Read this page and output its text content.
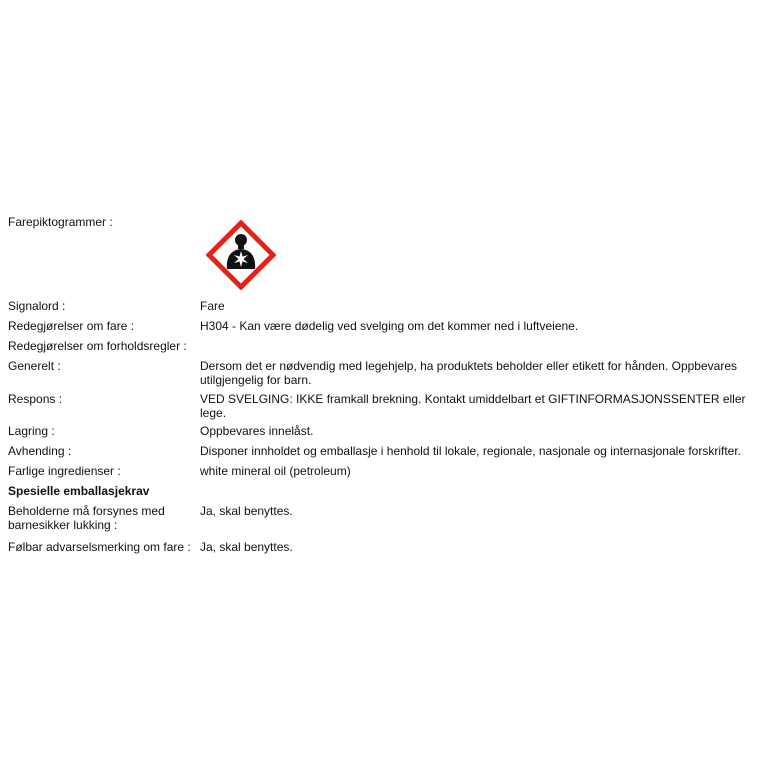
Farepiktogrammer :
Signalord :	Fare
Redegjørelser om fare :	H304 - Kan være dødelig ved svelging om det kommer ned i luftveiene.
Redegjørelser om forholdsregler :
Generelt :	Dersom det er nødvendig med legehjelp, ha produktets beholder eller etikett for hånden. Oppbevares utilgjengelig for barn.
Respons :	VED SVELGING: IKKE framkall brekning. Kontakt umiddelbart et GIFTINFORMASJONSSENTER eller lege.
Lagring :	Oppbevares innelåst.
Avhending :	Disponer innholdet og emballasje i henhold til lokale, regionale, nasjonale og internasjonale forskrifter.
Farlige ingredienser :	white mineral oil (petroleum)
Spesielle emballasjekrav
Beholderne må forsynes med
barnesikker lukking :
Ja, skal benyttes.
Følbar advarselsmerking om fare : Ja, skal benyttes.
